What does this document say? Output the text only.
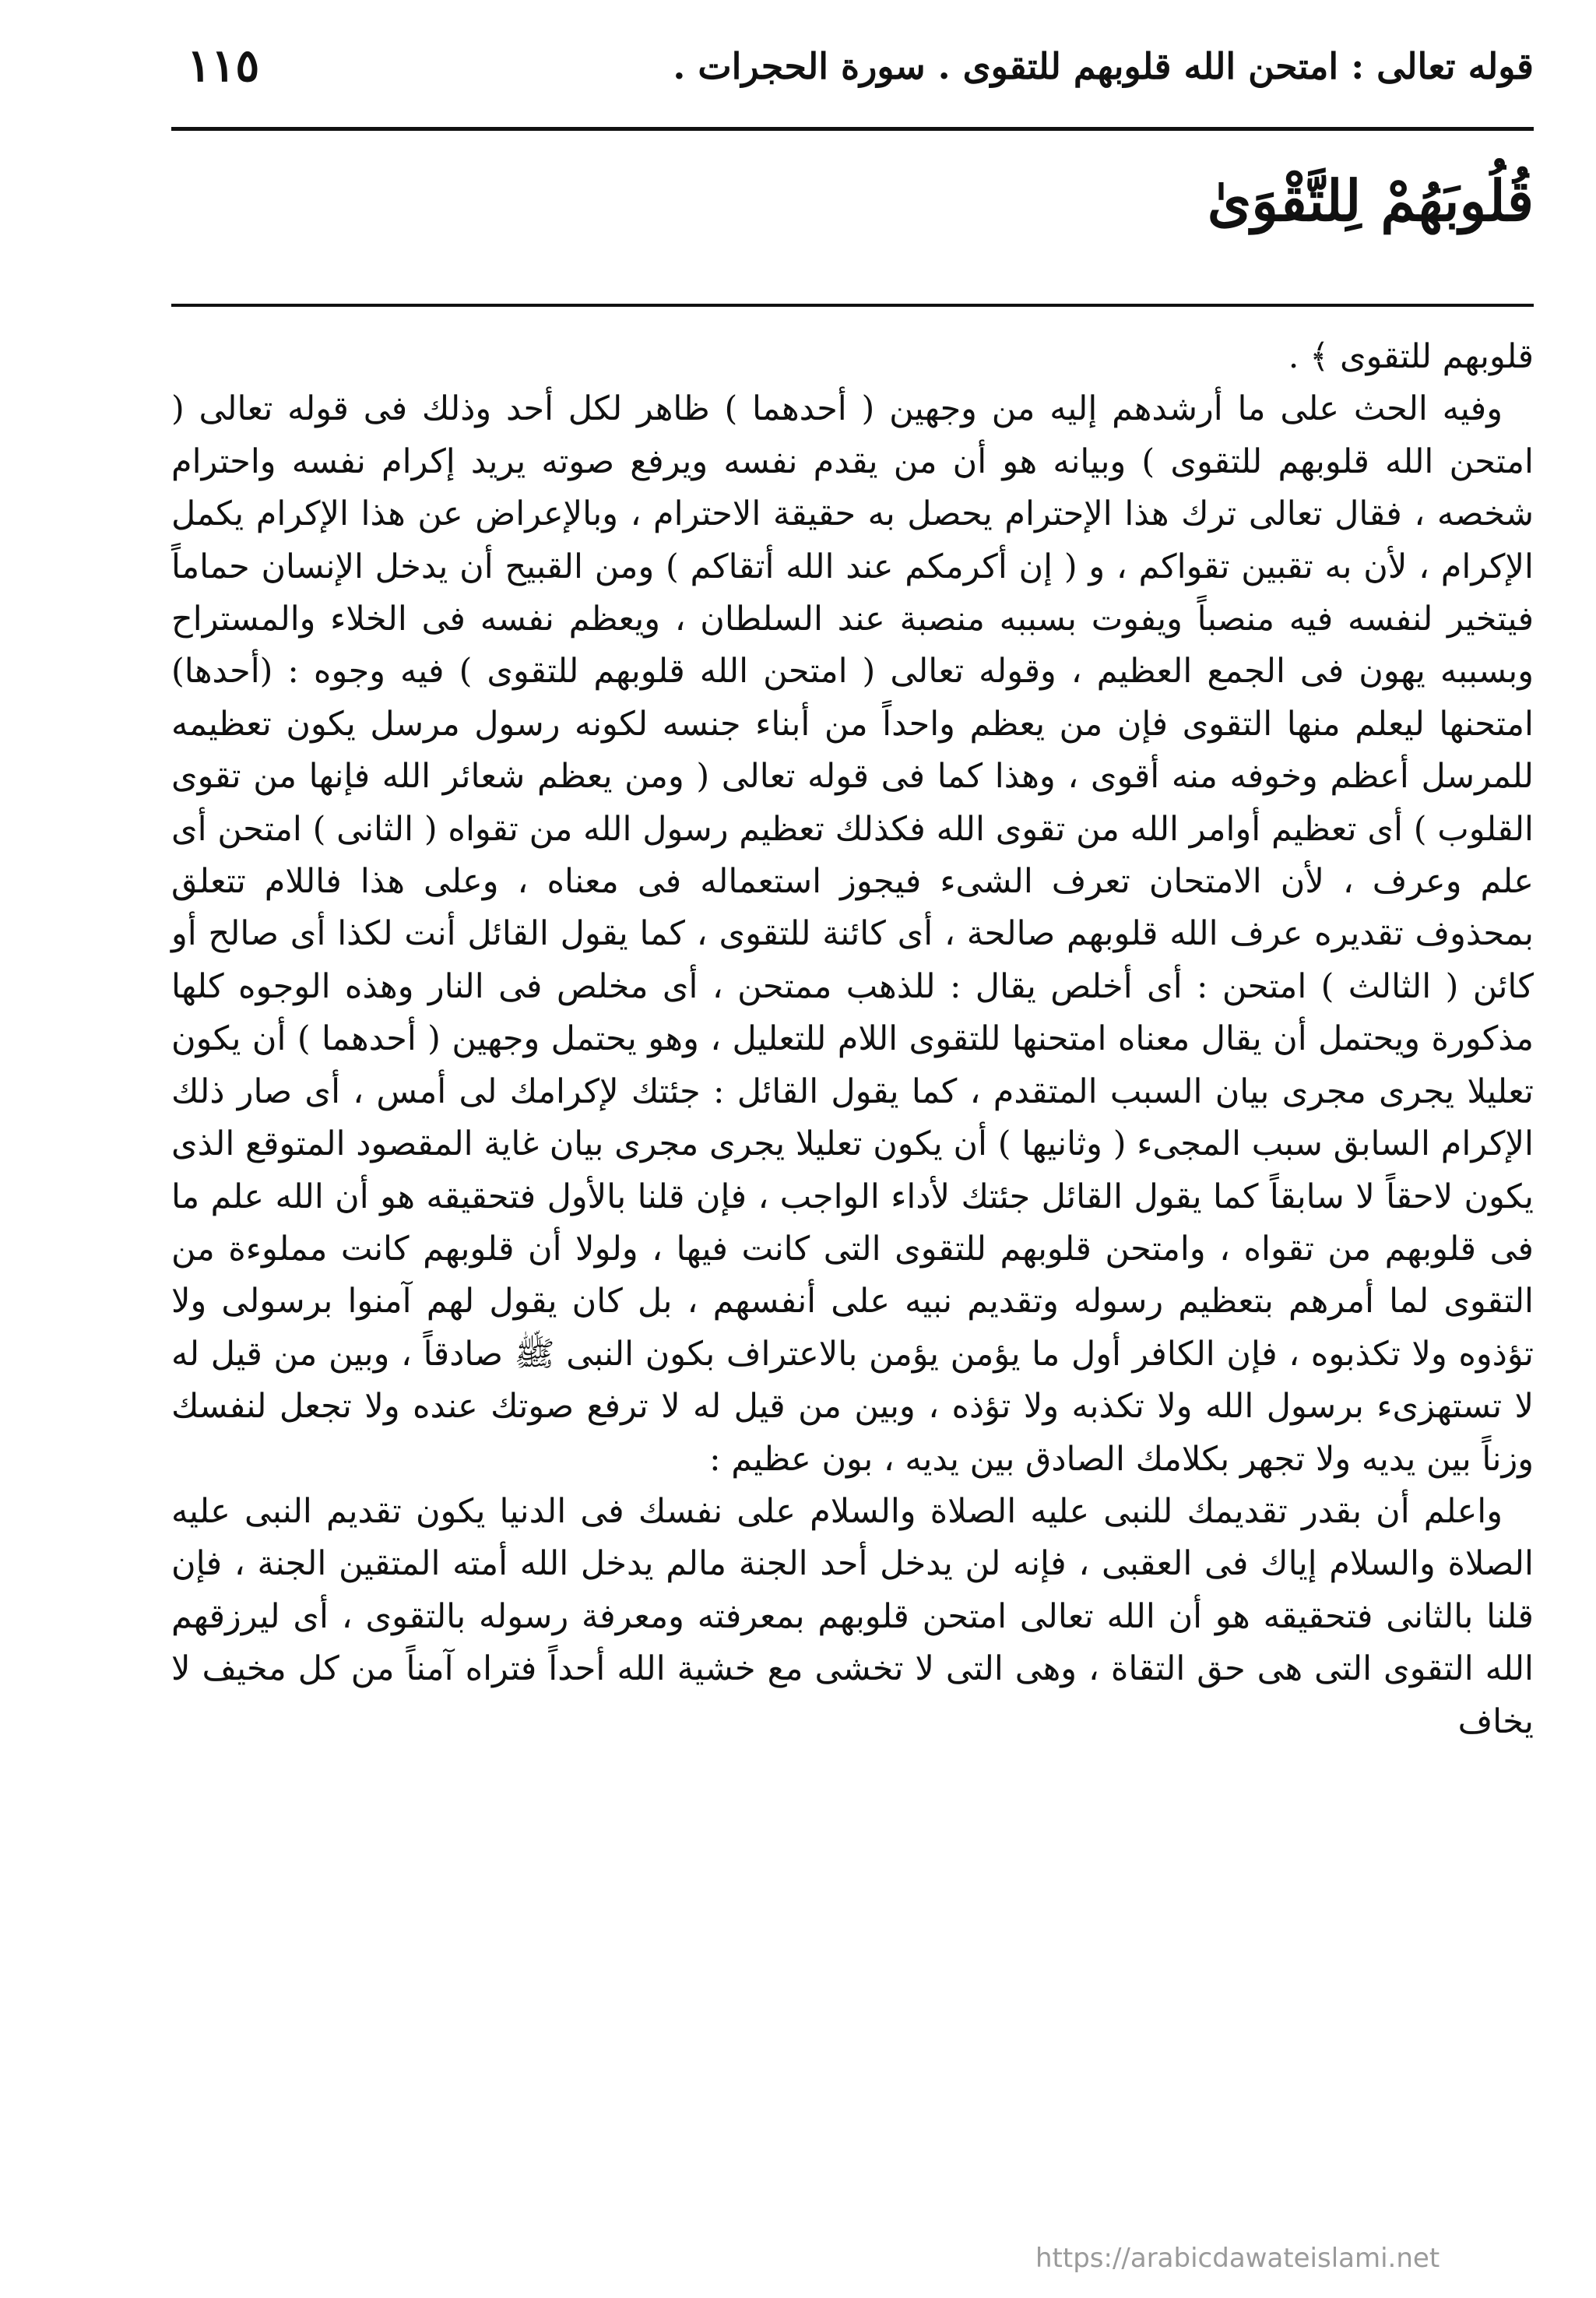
قوله تعالى : امتحن الله قلوبهم للتقوى . سورة الحجرات .
١١٥
قُلُوبَهُمْ لِلتَّقْوَىٰ

قلوبهم للتقوى ﴾ .

وفيه الحث على ما أرشدهم إليه من وجهين ( أحدهما ) ظاهر لكل أحد وذلك فى قوله تعالى ( امتحن الله قلوبهم للتقوى ) وبيانه هو أن من يقدم نفسه ويرفع صوته يريد إكرام نفسه واحترام شخصه ، فقال تعالى ترك هذا الإحترام يحصل به حقيقة الاحترام ، وبالإعراض عن هذا الإكرام يكمل الإكرام ، لأن به تقبين تقواكم ، و ( إن أكرمكم عند الله أتقاكم ) ومن القبيح أن يدخل الإنسان حماماً فيتخير لنفسه فيه منصباً ويفوت بسببه منصبة عند السلطان ، ويعظم نفسه فى الخلاء والمستراح وبسببه يهون فى الجمع العظيم ، وقوله تعالى ( امتحن الله قلوبهم للتقوى ) فيه وجوه : (أحدها) امتحنها ليعلم منها التقوى فإن من يعظم واحداً من أبناء جنسه لكونه رسول مرسل يكون تعظيمه للمرسل أعظم وخوفه منه أقوى ، وهذا كما فى قوله تعالى ( ومن يعظم شعائر الله فإنها من تقوى القلوب ) أى تعظيم أوامر الله من تقوى الله فكذلك تعظيم رسول الله من تقواه ( الثانى ) امتحن أى علم وعرف ، لأن الامتحان تعرف الشىء فيجوز استعماله فى معناه ، وعلى هذا فاللام تتعلق بمحذوف تقديره عرف الله قلوبهم صالحة ، أى كائنة للتقوى ، كما يقول القائل أنت لكذا أى صالح أو كائن ( الثالث ) امتحن : أى أخلص يقال : للذهب ممتحن ، أى مخلص فى النار وهذه الوجوه كلها مذكورة ويحتمل أن يقال معناه امتحنها للتقوى اللام للتعليل ، وهو يحتمل وجهين ( أحدهما ) أن يكون تعليلا يجرى مجرى بيان السبب المتقدم ، كما يقول القائل : جئتك لإكرامك لى أمس ، أى صار ذلك الإكرام السابق سبب المجىء ( وثانيها ) أن يكون تعليلا يجرى مجرى بيان غاية المقصود المتوقع الذى يكون لاحقاً لا سابقاً كما يقول القائل جئتك لأداء الواجب ، فإن قلنا بالأول فتحقيقه هو أن الله علم ما فى قلوبهم من تقواه ، وامتحن قلوبهم للتقوى التى كانت فيها ، ولولا أن قلوبهم كانت مملوءة من التقوى لما أمرهم بتعظيم رسوله وتقديم نبيه على أنفسهم ، بل كان يقول لهم آمنوا برسولى ولا تؤذوه ولا تكذبوه ، فإن الكافر أول ما يؤمن يؤمن بالاعتراف بكون النبى ﷺ صادقاً ، وبين من قيل له لا تستهزىء برسول الله ولا تكذبه ولا تؤذه ، وبين من قيل له لا ترفع صوتك عنده ولا تجعل لنفسك وزناً بين يديه ولا تجهر بكلامك الصادق بين يديه ، بون عظيم :

واعلم أن بقدر تقديمك للنبى عليه الصلاة والسلام على نفسك فى الدنيا يكون تقديم النبى عليه الصلاة والسلام إياك فى العقبى ، فإنه لن يدخل أحد الجنة مالم يدخل الله أمته المتقين الجنة ، فإن قلنا بالثانى فتحقيقه هو أن الله تعالى امتحن قلوبهم بمعرفته ومعرفة رسوله بالتقوى ، أى ليرزقهم الله التقوى التى هى حق التقاة ، وهى التى لا تخشى مع خشية الله أحداً فتراه آمناً من كل مخيف لا يخاف

https://arabicdawateislami.net
